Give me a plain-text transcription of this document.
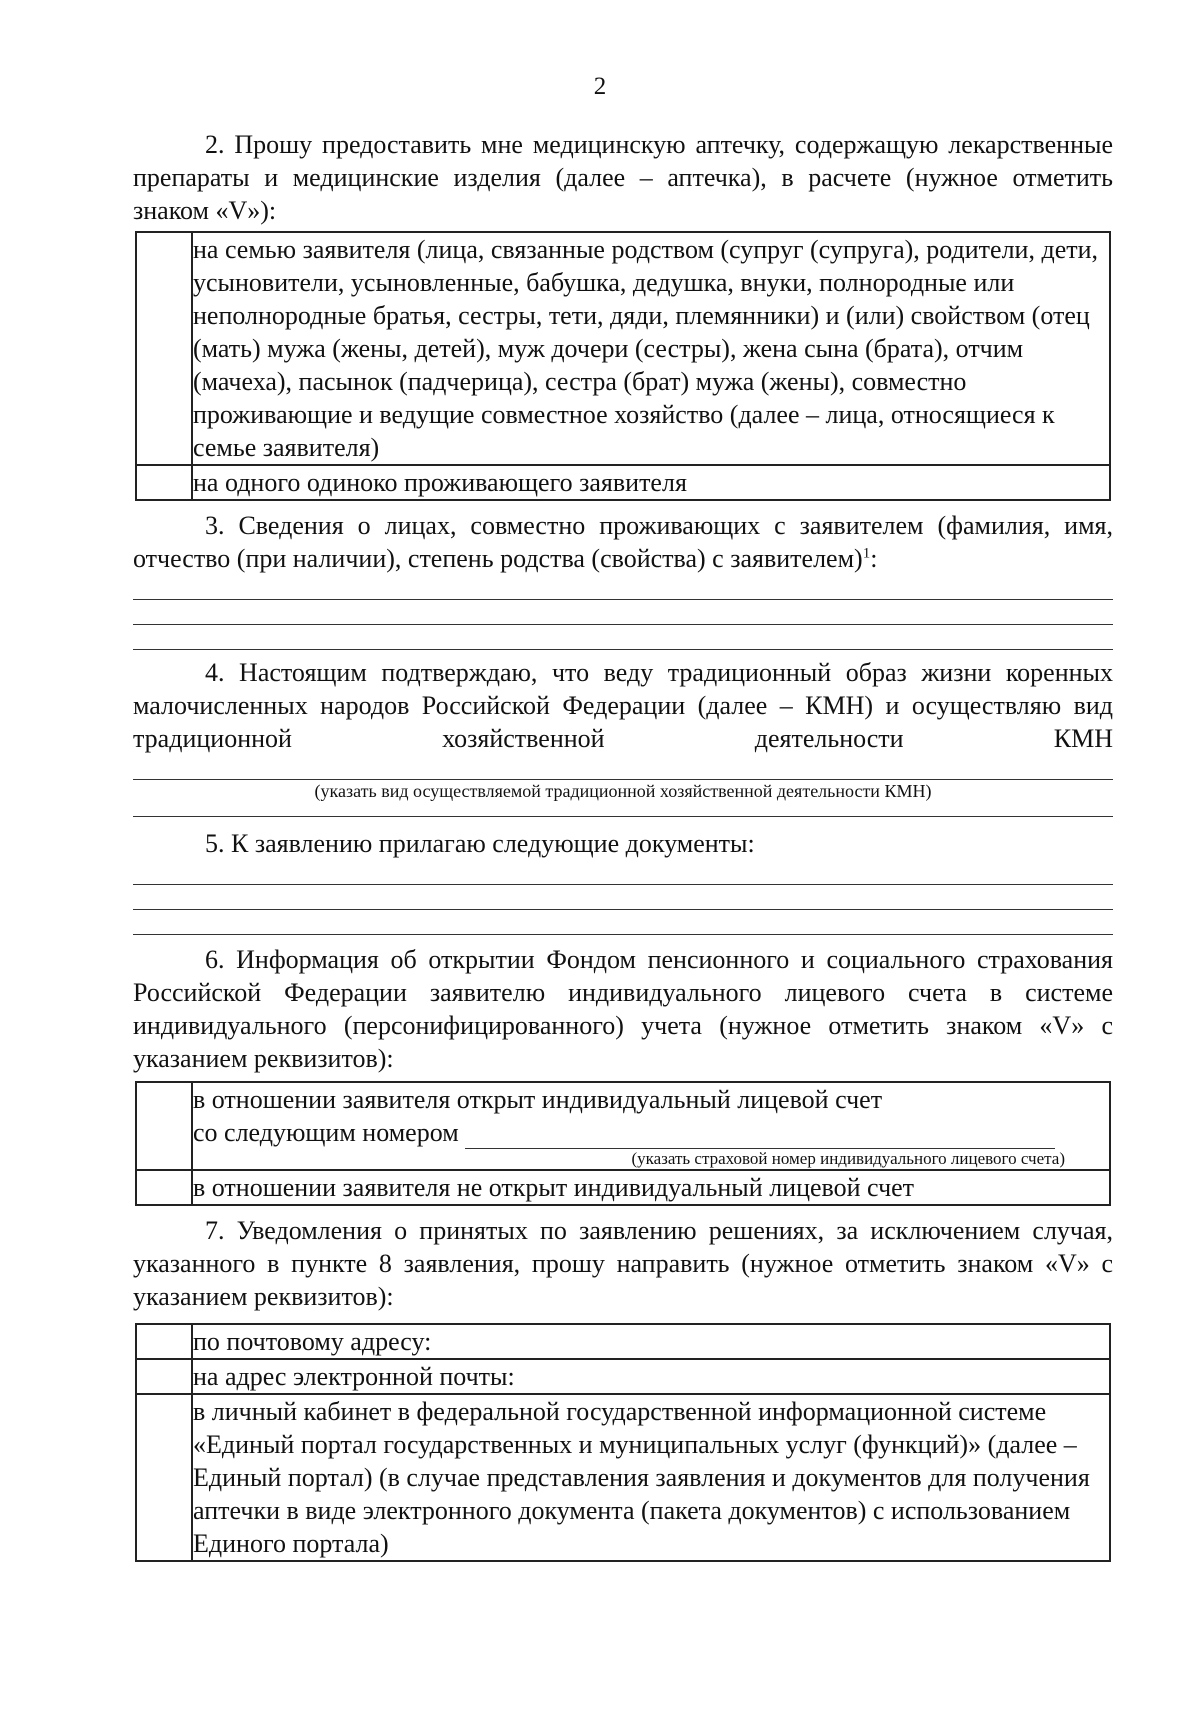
2

2. Прошу предоставить мне медицинскую аптечку, содержащую лекарственные препараты и медицинские изделия (далее – аптечка), в расчете (нужное отметить знаком «V»):

	на семью заявителя (лица, связанные родством (супруг (супруга), родители, дети, усыновители, усыновленные, бабушка, дедушка, внуки, полнородные или неполнородные братья, сестры, тети, дяди, племянники) и (или) свойством (отец (мать) мужа (жены, детей), муж дочери (сестры), жена сына (брата), отчим (мачеха), пасынок (падчерица), сестра (брат) мужа (жены), совместно проживающие и ведущие совместное хозяйство (далее – лица, относящиеся к семье заявителя)
	на одного одиноко проживающего заявителя

3. Сведения о лицах, совместно проживающих с заявителем (фамилия, имя, отчество (при наличии), степень родства (свойства) с заявителем)$^1$:

4. Настоящим подтверждаю, что веду традиционный образ жизни коренных малочисленных народов Российской Федерации (далее – КМН) и осуществляю вид традиционной хозяйственной деятельности КМН

(указать вид осуществляемой традиционной хозяйственной деятельности КМН)

5. К заявлению прилагаю следующие документы:

6. Информация об открытии Фондом пенсионного и социального страхования Российской Федерации заявителю индивидуального лицевого счета в системе индивидуального (персонифицированного) учета (нужное отметить знаком «V» с указанием реквизитов):

	в отношении заявителя открыт индивидуальный лицевой счет
со следующим номером
(указать страховой номер индивидуального лицевого счета)

	в отношении заявителя не открыт индивидуальный лицевой счет

7. Уведомления о принятых по заявлению решениях, за исключением случая, указанного в пункте 8 заявления, прошу направить (нужное отметить знаком «V» с указанием реквизитов):

	по почтовому адресу:
	на адрес электронной почты:
	в личный кабинет в федеральной государственной информационной системе «Единый портал государственных и муниципальных услуг (функций)» (далее – Единый портал) (в случае представления заявления и документов для получения аптечки в виде электронного документа (пакета документов) с использованием Единого портала)
